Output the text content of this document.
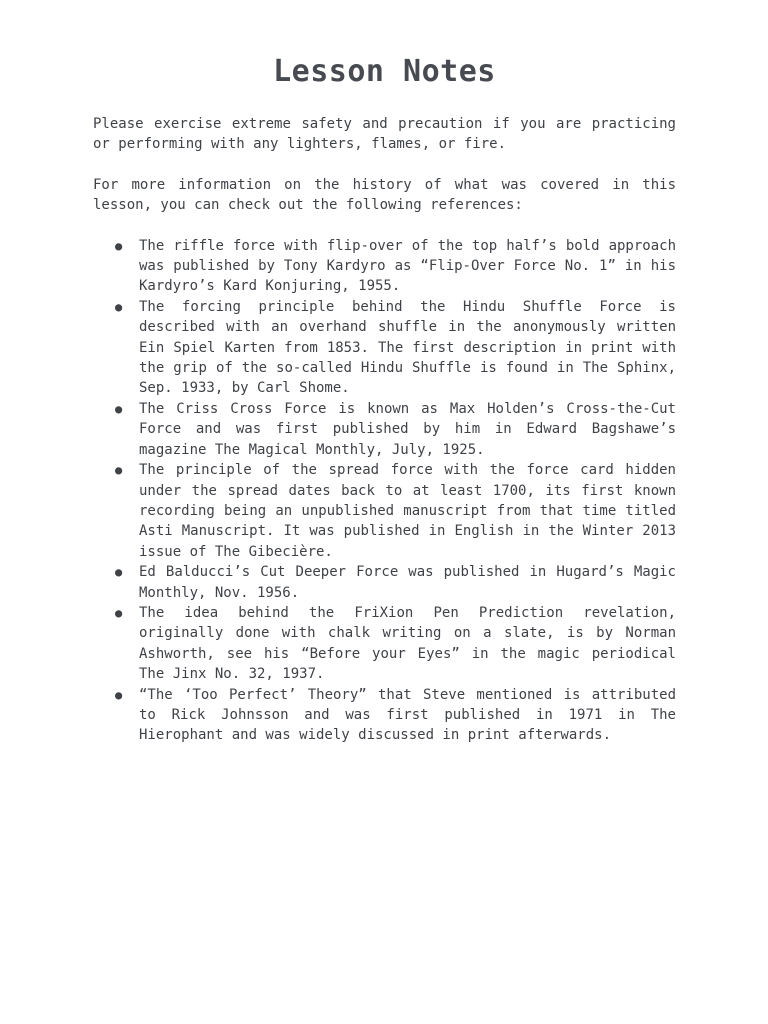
Lesson Notes

Please exercise extreme safety and precaution if you are practicing or performing with any lighters, flames, or fire.

For more information on the history of what was covered in this lesson, you can check out the following references:

● The riffle force with flip-over of the top half’s bold approach was published by Tony Kardyro as “Flip-Over Force No. 1” in his Kardyro’s Kard Konjuring, 1955.
● The forcing principle behind the Hindu Shuffle Force is described with an overhand shuffle in the anonymously written Ein Spiel Karten from 1853. The first description in print with the grip of the so-called Hindu Shuffle is found in The Sphinx, Sep. 1933, by Carl Shome.
● The Criss Cross Force is known as Max Holden’s Cross-the-Cut Force and was first published by him in Edward Bagshawe’s magazine The Magical Monthly, July, 1925.
● The principle of the spread force with the force card hidden under the spread dates back to at least 1700, its first known recording being an unpublished manuscript from that time titled Asti Manuscript. It was published in English in the Winter 2013 issue of The Gibecière.
● Ed Balducci’s Cut Deeper Force was published in Hugard’s Magic Monthly, Nov. 1956.
● The idea behind the FriXion Pen Prediction revelation, originally done with chalk writing on a slate, is by Norman Ashworth, see his “Before your Eyes” in the magic periodical The Jinx No. 32, 1937.
● “The ‘Too Perfect’ Theory” that Steve mentioned is attributed to Rick Johnsson and was first published in 1971 in The Hierophant and was widely discussed in print afterwards.
